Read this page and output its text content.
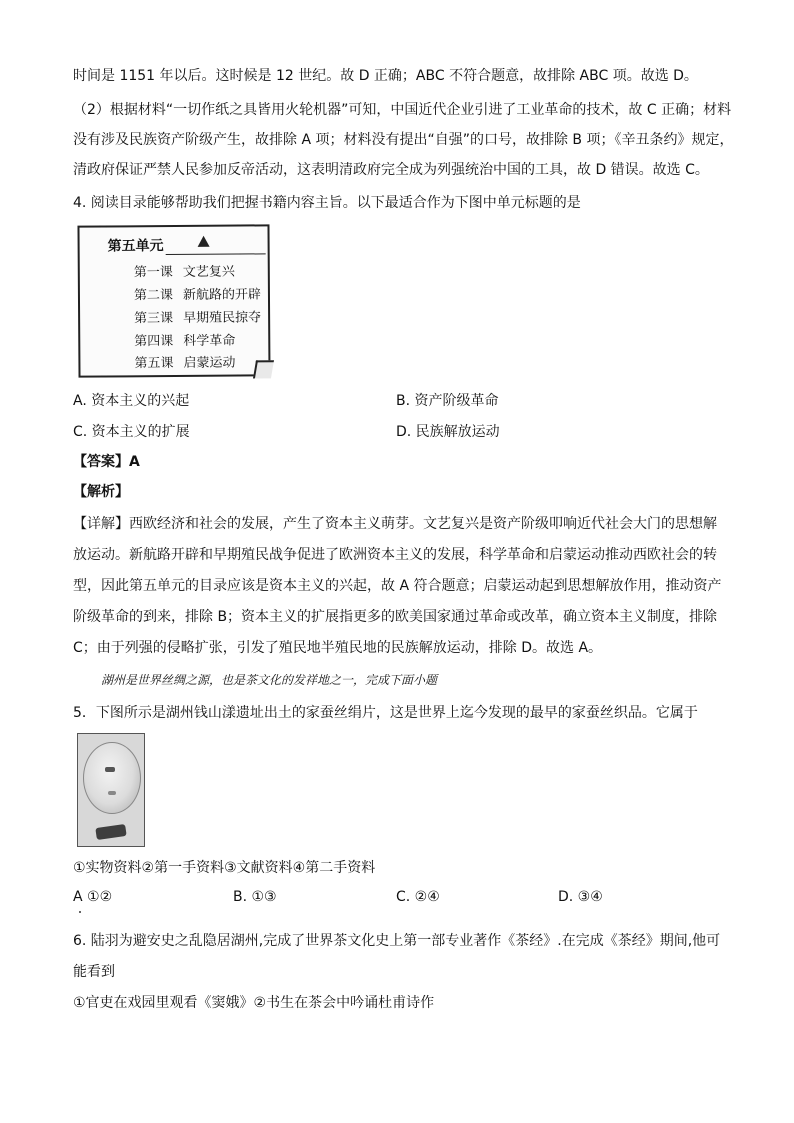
时间是 1151 年以后。这时候是 12 世纪。故 D 正确；ABC 不符合题意，故排除 ABC 项。故选 D。
（2）根据材料“一切作纸之具皆用火轮机器”可知，中国近代企业引进了工业革命的技术，故 C 正确；材料
没有涉及民族资产阶级产生，故排除 A 项；材料没有提出“自强”的口号，故排除 B 项；《辛丑条约》规定，
清政府保证严禁人民参加反帝活动，这表明清政府完全成为列强统治中国的工具，故 D 错误。故选 C。
4. 阅读目录能够帮助我们把握书籍内容主旨。以下最适合作为下图中单元标题的是
第五单元
第一课 文艺复兴
第二课 新航路的开辟
第三课 早期殖民掠夺
第四课 科学革命
第五课 启蒙运动
A. 资本主义的兴起	B. 资产阶级革命
C. 资本主义的扩展	D. 民族解放运动
【答案】A
【解析】
【详解】西欧经济和社会的发展，产生了资本主义萌芽。文艺复兴是资产阶级叩响近代社会大门的思想解
放运动。新航路开辟和早期殖民战争促进了欧洲资本主义的发展，科学革命和启蒙运动推动西欧社会的转
型，因此第五单元的目录应该是资本主义的兴起，故 A 符合题意；启蒙运动起到思想解放作用，推动资产
阶级革命的到来，排除 B；资本主义的扩展指更多的欧美国家通过革命或改革，确立资本主义制度，排除
C；由于列强的侵略扩张，引发了殖民地半殖民地的民族解放运动，排除 D。故选 A。
湖州是世界丝绸之源，也是茶文化的发祥地之一，完成下面小题
5．下图所示是湖州钱山漾遗址出土的家蚕丝绢片，这是世界上迄今发现的最早的家蚕丝织品。它属于
①实物资料②第一手资料③文献资料④第二手资料
A ①②	B. ①③	C. ②④	D. ③④
6. 陆羽为避安史之乱隐居湖州,完成了世界茶文化史上第一部专业著作《茶经》.在完成《茶经》期间,他可
能看到
①官吏在戏园里观看《窦娥》②书生在茶会中吟诵杜甫诗作
